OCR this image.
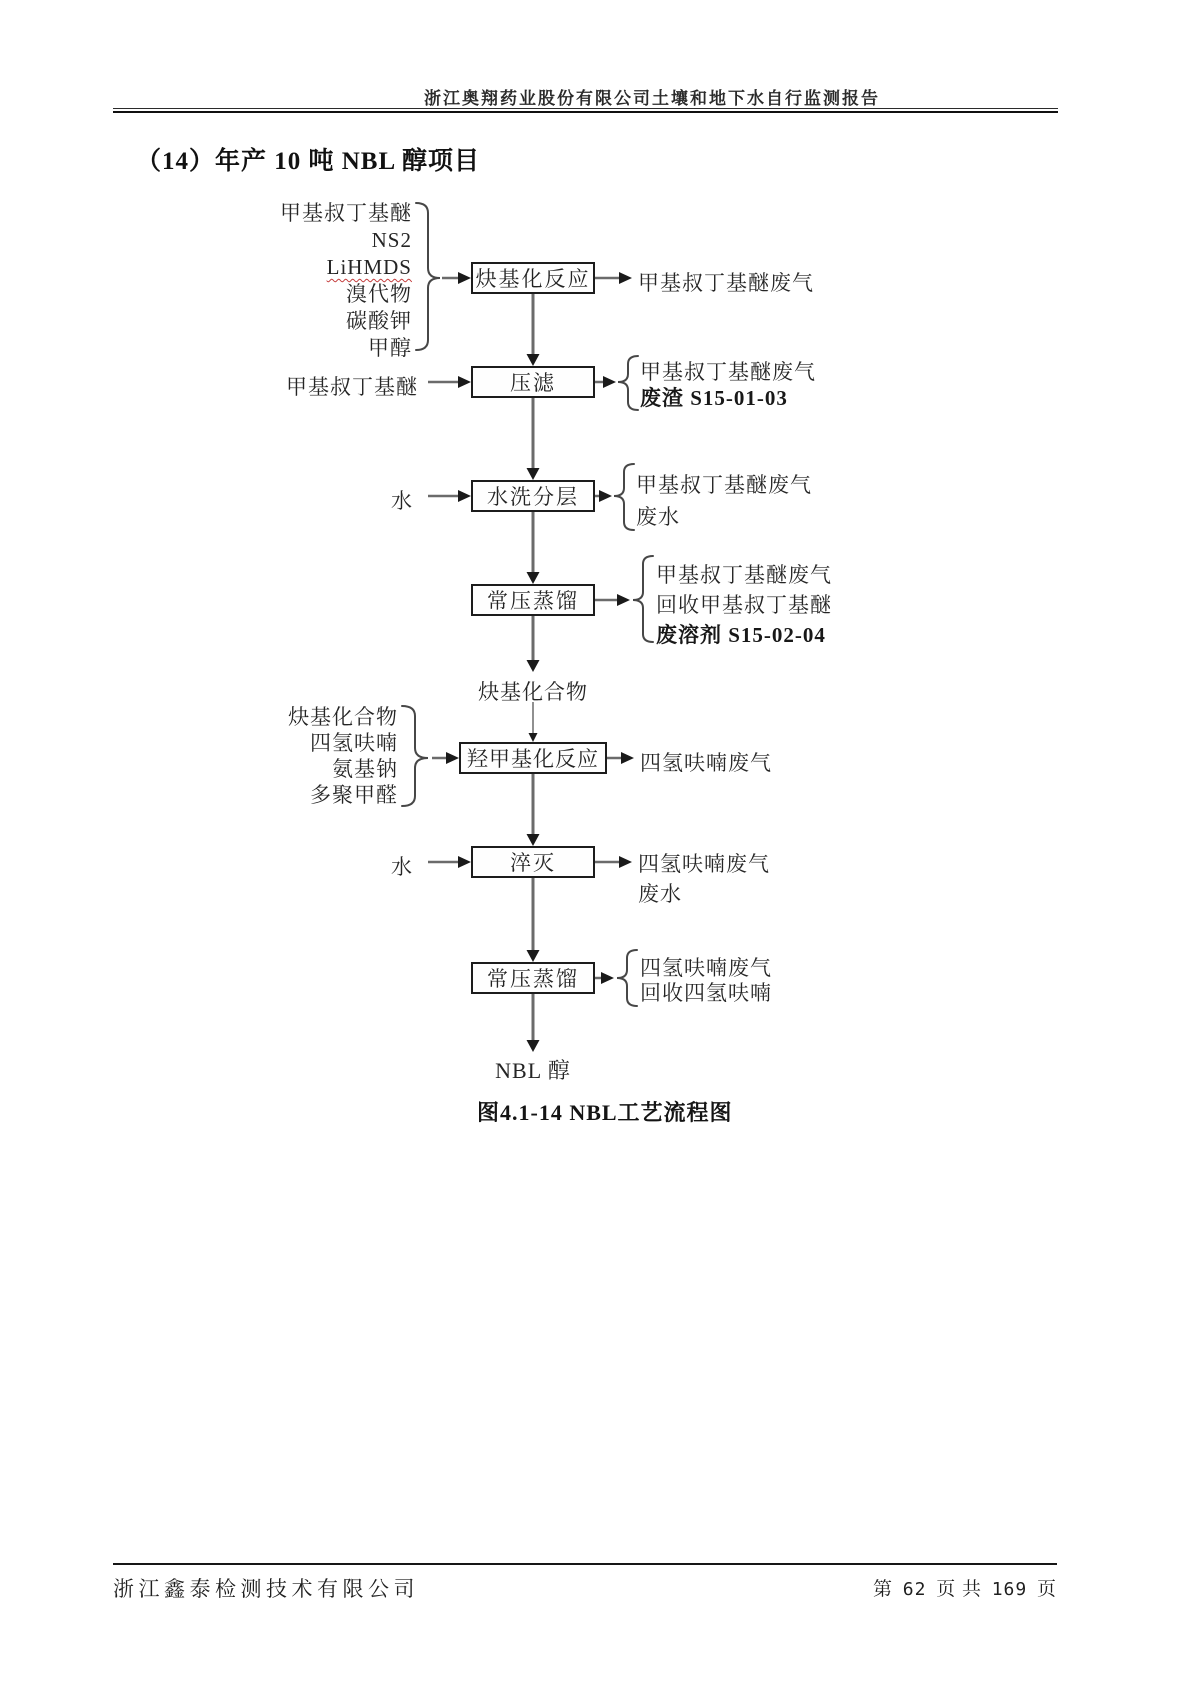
浙江奥翔药业股份有限公司土壤和地下水自行监测报告
（14）年产 10 吨 NBL 醇项目
炔基化反应
压滤
水洗分层
常压蒸馏
羟甲基化反应
淬灭
常压蒸馏
甲基叔丁基醚
NS2
LiHMDS
溴代物
碳酸钾
甲醇
甲基叔丁基醚
水
炔基化合物
四氢呋喃
氨基钠
多聚甲醛
水
炔基化合物
甲基叔丁基醚废气
甲基叔丁基醚废气
废渣 S15-01-03
甲基叔丁基醚废气
废水
甲基叔丁基醚废气
回收甲基叔丁基醚
废溶剂 S15-02-04
四氢呋喃废气
四氢呋喃废气
废水
四氢呋喃废气
回收四氢呋喃
NBL 醇
图4.1-14 NBL工艺流程图
浙江鑫泰检测技术有限公司	第 62 页 共 169 页
